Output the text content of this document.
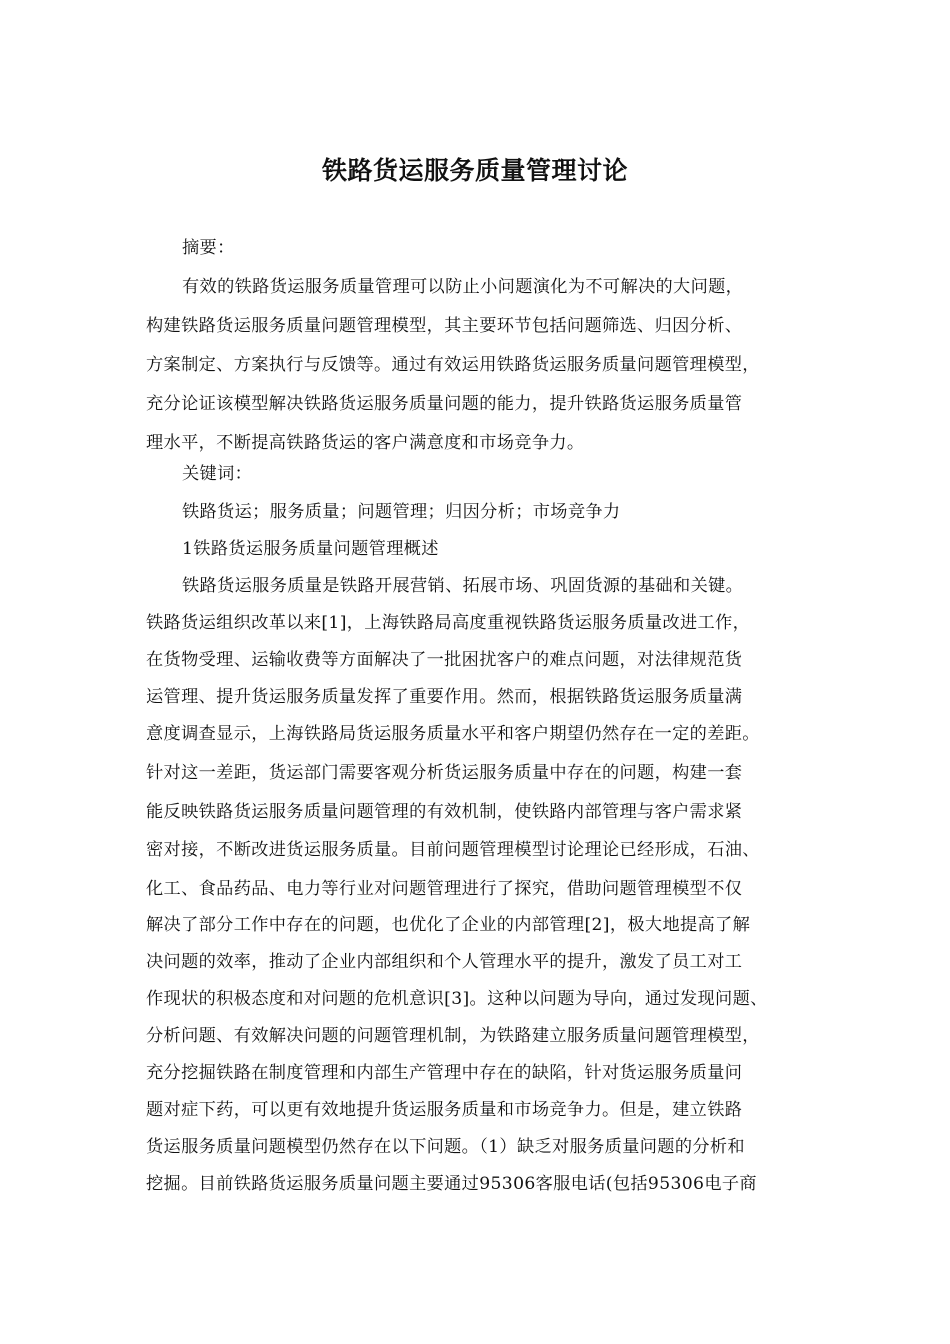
铁路货运服务质量管理讨论
摘要：
有效的铁路货运服务质量管理可以防止小问题演化为不可解决的大问题，
构建铁路货运服务质量问题管理模型，其主要环节包括问题筛选、归因分析、
方案制定、方案执行与反馈等。通过有效运用铁路货运服务质量问题管理模型，
充分论证该模型解决铁路货运服务质量问题的能力，提升铁路货运服务质量管
理水平，不断提高铁路货运的客户满意度和市场竞争力。
关键词：
铁路货运；服务质量；问题管理；归因分析；市场竞争力
1铁路货运服务质量问题管理概述
铁路货运服务质量是铁路开展营销、拓展市场、巩固货源的基础和关键。
铁路货运组织改革以来[1]，上海铁路局高度重视铁路货运服务质量改进工作，
在货物受理、运输收费等方面解决了一批困扰客户的难点问题，对法律规范货
运管理、提升货运服务质量发挥了重要作用。然而，根据铁路货运服务质量满
意度调查显示，上海铁路局货运服务质量水平和客户期望仍然存在一定的差距。
针对这一差距，货运部门需要客观分析货运服务质量中存在的问题，构建一套
能反映铁路货运服务质量问题管理的有效机制，使铁路内部管理与客户需求紧
密对接，不断改进货运服务质量。目前问题管理模型讨论理论已经形成，石油、
化工、食品药品、电力等行业对问题管理进行了探究，借助问题管理模型不仅
解决了部分工作中存在的问题，也优化了企业的内部管理[2]，极大地提高了解
决问题的效率，推动了企业内部组织和个人管理水平的提升，激发了员工对工
作现状的积极态度和对问题的危机意识[3]。这种以问题为导向，通过发现问题、
分析问题、有效解决问题的问题管理机制，为铁路建立服务质量问题管理模型，
充分挖掘铁路在制度管理和内部生产管理中存在的缺陷，针对货运服务质量问
题对症下药，可以更有效地提升货运服务质量和市场竞争力。但是，建立铁路
货运服务质量问题模型仍然存在以下问题。（1）缺乏对服务质量问题的分析和
挖掘。目前铁路货运服务质量问题主要通过95306客服电话(包括95306电子商
